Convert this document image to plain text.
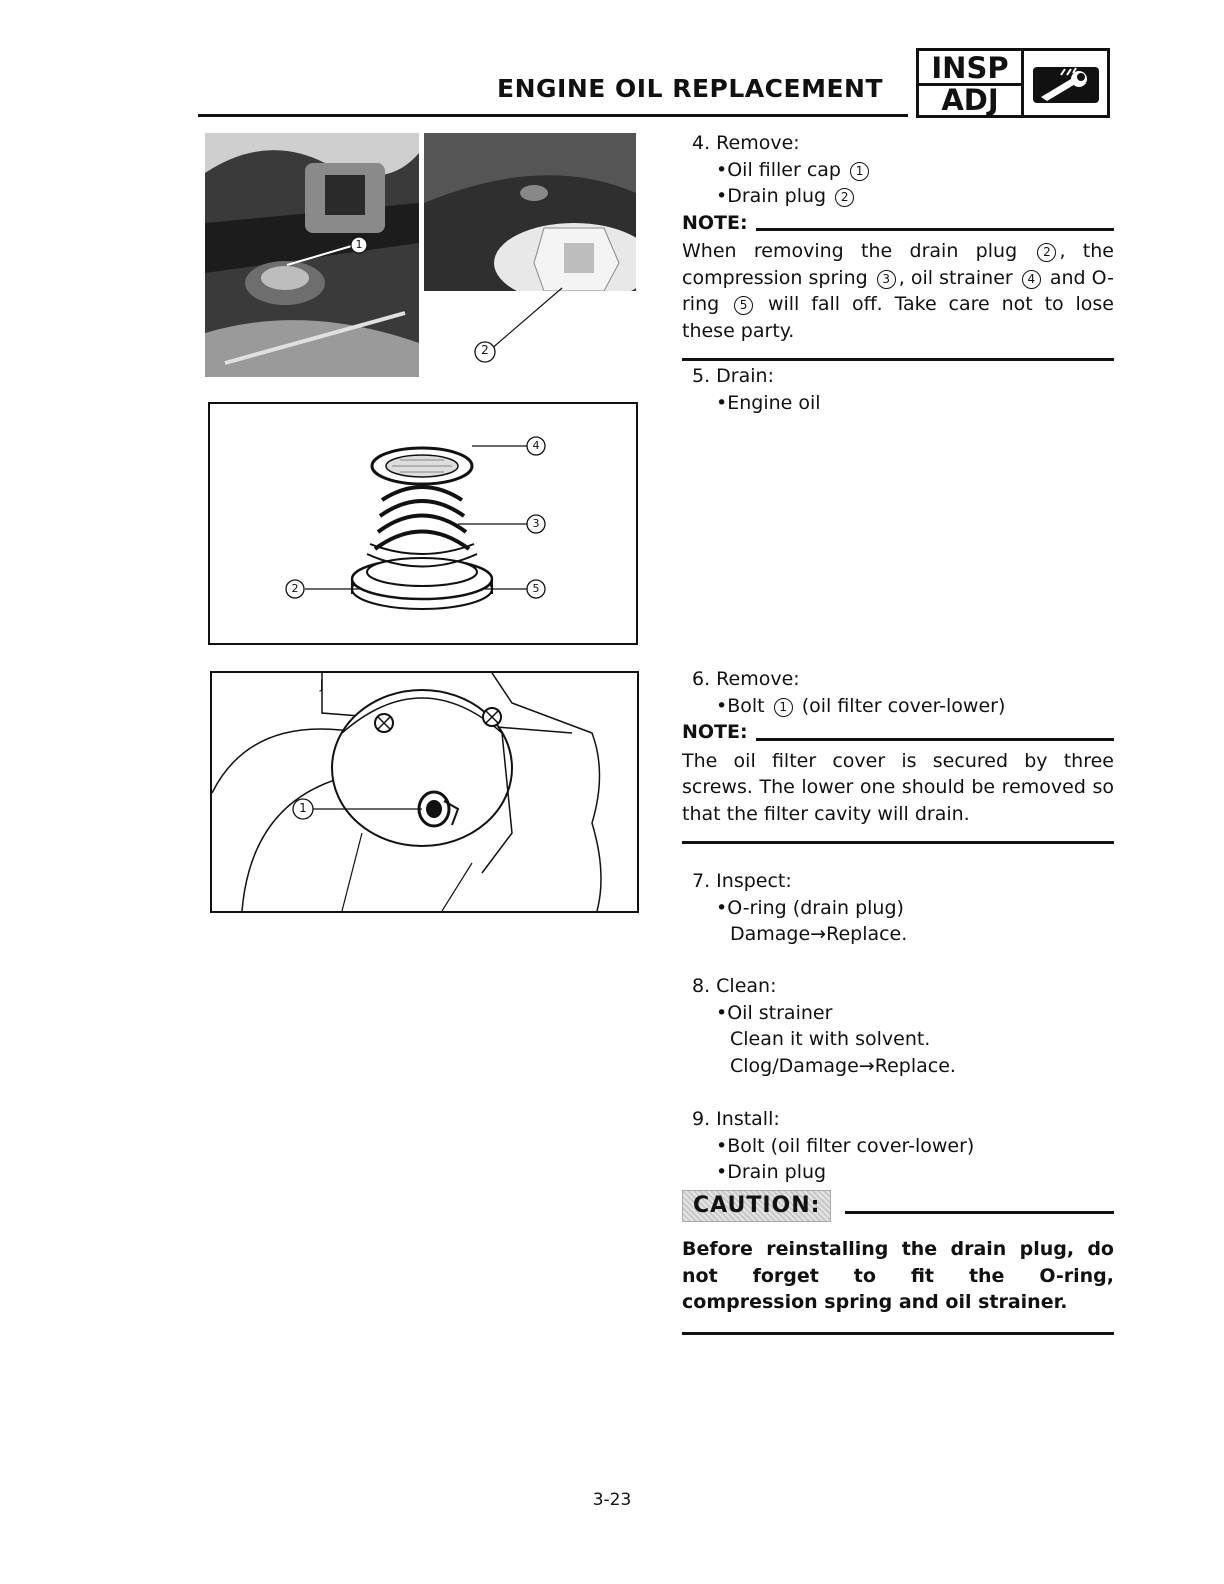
ENGINE OIL REPLACEMENT
INSP
ADJ
1
2
4
3
2	5
J
1
4. Remove:
•Oil filler cap 1
•Drain plug 2
NOTE:
When removing the drain plug 2 , the compression spring 3 , oil strainer 4 and O-ring 5 will fall off. Take care not to lose these party.
5. Drain:
•Engine oil
6. Remove:
•Bolt 1 (oil filter cover-lower)
NOTE:
The oil filter cover is secured by three screws. The lower one should be removed so that the filter cavity will drain.
7. Inspect:
•O-ring (drain plug)
Damage→Replace.
8. Clean:
•Oil strainer
Clean it with solvent.
Clog/Damage→Replace.
9. Install:
•Bolt (oil filter cover-lower)
•Drain plug
CAUTION:
Before reinstalling the drain plug, do not forget to fit the O-ring, compression spring and oil strainer.
3-23
